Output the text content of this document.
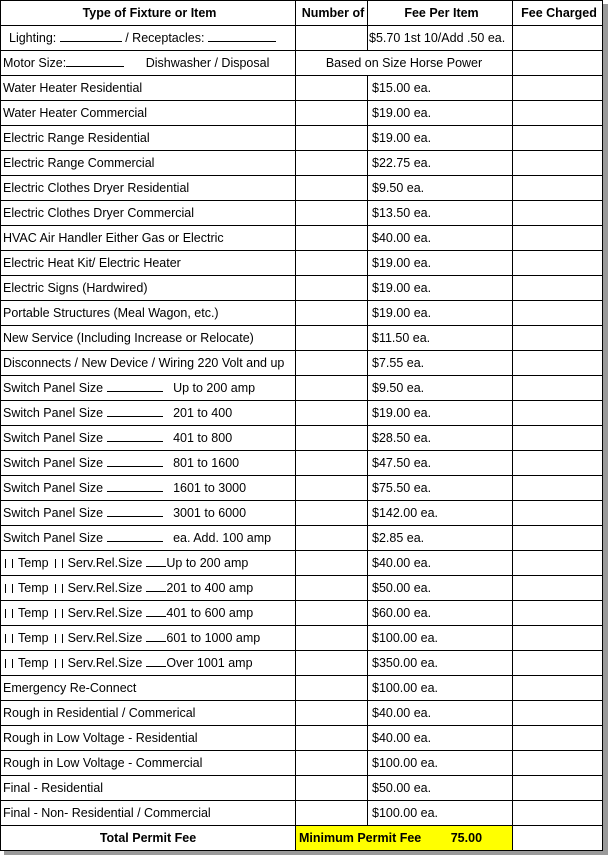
Type of Fixture or Item	Number of	Fee Per Item	Fee Charged
Lighting: / Receptacles:		$5.70 1st 10/Add .50 ea.	
Motor Size: Dishwasher / Disposal	Based on Size Horse Power		
Water Heater Residential		$15.00 ea.	
Water Heater Commercial		$19.00 ea.	
Electric Range Residential		$19.00 ea.	
Electric Range Commercial		$22.75 ea.	
Electric Clothes Dryer Residential		$9.50 ea.	
Electric Clothes Dryer Commercial		$13.50 ea.	
HVAC Air Handler Either Gas or Electric		$40.00 ea.	
Electric Heat Kit/ Electric Heater		$19.00 ea.	
Electric Signs (Hardwired)		$19.00 ea.	
Portable Structures (Meal Wagon, etc.)		$19.00 ea.	
New Service (Including Increase or Relocate)		$11.50 ea.	
Disconnects / New Device / Wiring 220 Volt and up		$7.55 ea.	
Switch Panel Size Up to 200 amp		$9.50 ea.	
Switch Panel Size 201 to 400		$19.00 ea.	
Switch Panel Size 401 to 800		$28.50 ea.	
Switch Panel Size 801 to 1600		$47.50 ea.	
Switch Panel Size 1601 to 3000		$75.50 ea.	
Switch Panel Size 3001 to 6000		$142.00 ea.	
Switch Panel Size ea. Add. 100 amp		$2.85 ea.	
Temp Serv.Rel.Size Up to 200 amp		$40.00 ea.	
Temp Serv.Rel.Size 201 to 400 amp		$50.00 ea.	
Temp Serv.Rel.Size 401 to 600 amp		$60.00 ea.	
Temp Serv.Rel.Size 601 to 1000 amp		$100.00 ea.	
Temp Serv.Rel.Size Over 1001 amp		$350.00 ea.	
Emergency Re-Connect		$100.00 ea.	
Rough in Residential / Commerical		$40.00 ea.	
Rough in Low Voltage - Residential		$40.00 ea.	
Rough in Low Voltage - Commercial		$100.00 ea.	
Final - Residential		$50.00 ea.	
Final - Non- Residential / Commercial		$100.00 ea.	
Total Permit Fee	Minimum Permit Fee 75.00		
